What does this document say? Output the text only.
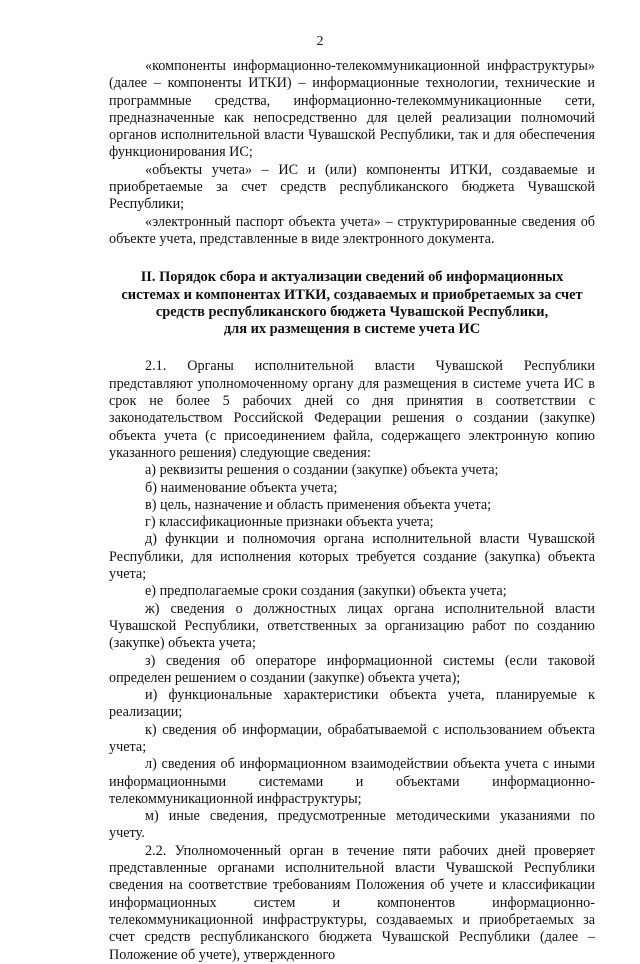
2

«компоненты информационно-телекоммуникационной инфраструктуры» (далее – компоненты ИТКИ) – информационные технологии, технические и программные средства, информационно-телекоммуникационные сети, предназначенные как непосредственно для целей реализации полномочий органов исполнительной власти Чувашской Республики, так и для обеспечения функционирования ИС;

«объекты учета» – ИС и (или) компоненты ИТКИ, создаваемые и приобретаемые за счет средств республиканского бюджета Чувашской Республики;

«электронный паспорт объекта учета» – структурированные сведения об объекте учета, представленные в виде электронного документа.

II. Порядок сбора и актуализации сведений об информационных
системах и компонентах ИТКИ, создаваемых и приобретаемых за счет
средств республиканского бюджета Чувашской Республики,
для их размещения в системе учета ИС

2.1. Органы исполнительной власти Чувашской Республики представляют уполномоченному органу для размещения в системе учета ИС в срок не более 5 рабочих дней со дня принятия в соответствии с законодательством Российской Федерации решения о создании (закупке) объекта учета (с присоединением файла, содержащего электронную копию указанного решения) следующие сведения:

а) реквизиты решения о создании (закупке) объекта учета;

б) наименование объекта учета;

в) цель, назначение и область применения объекта учета;

г) классификационные признаки объекта учета;

д) функции и полномочия органа исполнительной власти Чувашской Республики, для исполнения которых требуется создание (закупка) объекта учета;

е) предполагаемые сроки создания (закупки) объекта учета;

ж) сведения о должностных лицах органа исполнительной власти Чувашской Республики, ответственных за организацию работ по созданию (закупке) объекта учета;

з) сведения об операторе информационной системы (если таковой определен решением о создании (закупке) объекта учета);

и) функциональные характеристики объекта учета, планируемые к реализации;

к) сведения об информации, обрабатываемой с использованием объекта учета;

л) сведения об информационном взаимодействии объекта учета с иными информационными системами и объектами информационно-телекоммуникационной инфраструктуры;

м) иные сведения, предусмотренные методическими указаниями по учету.

2.2. Уполномоченный орган в течение пяти рабочих дней проверяет представленные органами исполнительной власти Чувашской Республики сведения на соответствие требованиям Положения об учете и классификации информационных систем и компонентов информационно-телекоммуникационной инфраструктуры, создаваемых и приобретаемых за счет средств республиканского бюджета Чувашской Республики (далее – Положение об учете), утвержденного
